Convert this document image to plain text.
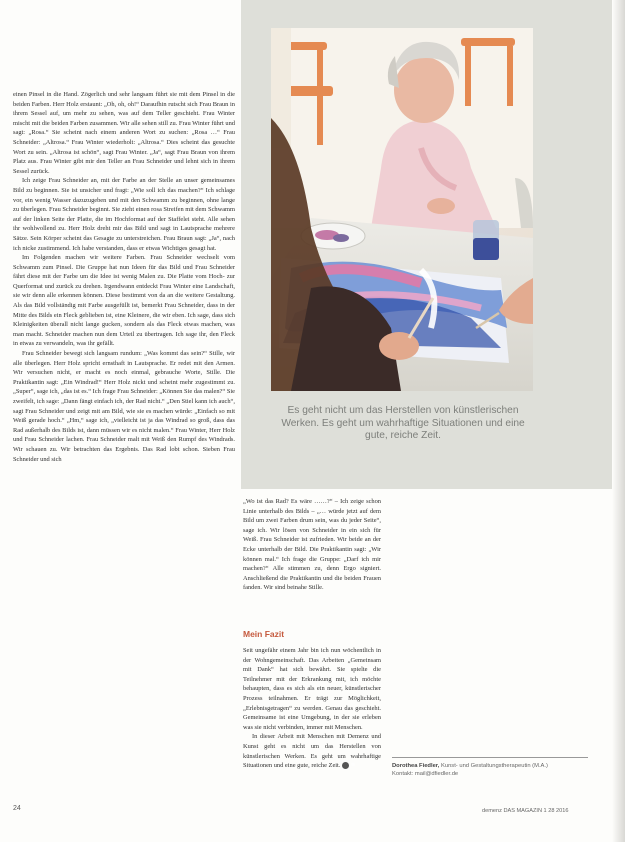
Es geht nicht um das Herstellen von künstlerischen Werken. Es geht um wahrhaftige Situationen und eine gute, reiche Zeit.

einen Pinsel in die Hand. Zögerlich und sehr langsam führt sie mit dem Pinsel in die beiden Farben. Herr Holz erstaunt: „Oh, oh, oh!“ Daraufhin rutscht sich Frau Braun in ihrem Sessel auf, um mehr zu sehen, was auf dem Teller geschieht. Frau Winter mischt mit die beiden Farben zusammen. Wir alle sehen still zu. Frau Winter führt und sagt: „Rosa.“ Sie scheint nach einem anderen Wort zu suchen: „Rosa …“ Frau Schneider: „Altrosa.“ Frau Winter wiederholt: „Altrosa.“ Dies scheint das gesuchte Wort zu sein. „Altrosa ist schön“, sagt Frau Winter. „Ja“, sagt Frau Braun von ihrem Platz aus. Frau Winter gibt mir den Teller an Frau Schneider und lehnt sich in ihrem Sessel zurück.

Ich zeige Frau Schneider an, mit der Farbe an der Stelle an unser gemeinsames Bild zu beginnen. Sie ist unsicher und fragt: „Wie soll ich das machen?“ Ich schlage vor, ein wenig Wasser dazuzugeben und mit den Schwamm zu beginnen, ohne lange zu überlegen. Frau Schneider beginnt. Sie zieht einen rosa Streifen mit dem Schwamm auf der linken Seite der Platte, die im Hochformat auf der Staffelei steht. Alle sehen ihr wohlwollend zu. Herr Holz dreht mir das Bild und sagt in Lautsprache mehrere Sätze. Sein Körper scheint das Gesagte zu unterstreichen. Frau Braun sagt: „Ja“, nach ich nicke zustimmend. Ich habe verstanden, dass er etwas Wichtiges gesagt hat.

Im Folgenden machen wir weitere Farben. Frau Schneider wechselt vom Schwamm zum Pinsel. Die Gruppe hat nun Ideen für das Bild und Frau Schneider fährt diese mit der Farbe um die Idee ist wenig Malen zu. Die Platte vom Hoch- zur Querformat und zurück zu drehen. Irgendwann entdeckt Frau Winter eine Landschaft, sie wir denn alle erkennen können. Diese bestimmt von da an die weitere Gestaltung. Als das Bild vollständig mit Farbe ausgefüllt ist, bemerkt Frau Schneider, dass in der Mitte des Bilds ein Fleck geblieben ist, eine Kleinere, die wir eben. Ich sage, dass sich Kleinigkeiten überall nicht lange gucken, sondern als das Fleck etwas machen, was man macht. Schneider machen nun dem Urteil zu übertragen. Ich sage ihr, den Fleck in etwas zu verwandeln, was ihr gefällt.

Frau Schneider bewegt sich langsam rundum: „Was kommt das sein?“ Stille, wir alle überlegen. Herr Holz spricht ernsthaft in Lautsprache. Er redet mit den Armen. Wir versuchen nicht, er macht es noch einmal, gebrauche Worte, Stille. Die Praktikantin sagt: „Ein Windrad!“ Herr Holz nickt und scheint mehr zugestimmt zu. „Super“, sage ich, „das ist es.“ Ich frage Frau Schneider: „Können Sie das malen?“ Sie zweifelt, ich sage: „Dann fängt einfach ich, der Rad nicht.“ „Den Stiel kann ich auch“, sagt Frau Schneider und zeigt mit am Bild, wie sie es machen würde: „Einfach so mit Weiß gerade hoch.“ „Hm,“ sage ich, „vielleicht ist ja das Windrad so groß, dass das Rad außerhalb des Bilds ist, dann müssen wir es nicht malen.“ Frau Winter, Herr Holz und Frau Schneider lachen. Frau Schneider malt mit Weiß den Rumpf des Windrads. Wir schauen zu. Wir betrachten das Ergebnis. Das Rad lobt schon. Sieben Frau Schneider und sich

„Wo ist das Rad? Es wäre ……?“ – Ich zeige schon Linie unterhalb des Bilds – „… würde jetzt auf dem Bild um zwei Farben drum sein, was du jeder Seite“, sage ich. Wir lösen von Schneider in ein sich für Weiß. Frau Schneider ist zufrieden. Wir beide an der Ecke unterhalb der Bild. Die Praktikantin sagt: „Wir können mal.“ Ich frage die Gruppe: „Darf ich mir machen?“ Alle stimmen zu, denn Ergo signiert. Anschließend die Praktikantin und die beiden Frauen fanden. Wir sind beinahe Stille.

Mein Fazit

Seit ungefähr einem Jahr bin ich nun wöchentlich in der Wohngemeinschaft. Das Arbeiten „Gemeinsam mit Dank“ hat sich bewährt. Sie spielte die Teilnehmer mit der Erkrankung mit, ich möchte behaupten, dass es sich als ein neuer, künstlerischer Prozess teilnahmen. Er trägt zur Möglichkeit, „Erlebnisgetragen“ zu werden. Genau das geschieht. Gemeinsame ist eine Umgebung, in der sie erleben was sie nicht verbinden, immer mit Menschen.

In dieser Arbeit mit Menschen mit Demenz und Kunst geht es nicht um das Herstellen von künstlerischen Werken. Es geht um wahrhaftige Situationen und eine gute, reiche Zeit. ⊗	Dorothea Fiedler, Kunst- und Gestaltungstherapeutin (M.A.)
Kontakt: mail@dfiedler.de
24	demenz DAS MAGAZIN 1 28 2016
